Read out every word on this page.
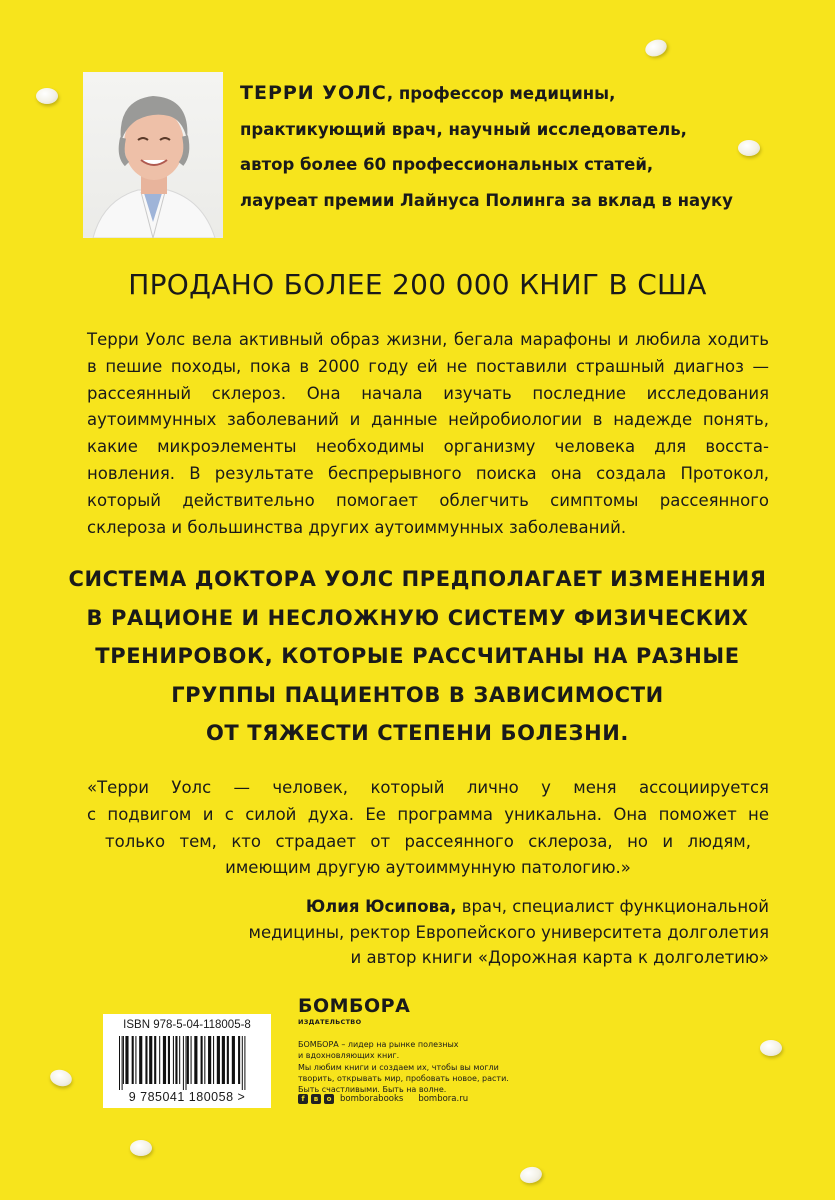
ТЕРРИ УОЛС, профессор медицины,
практикующий врач, научный исследователь,
автор более 60 профессиональных статей,
лауреат премии Лайнуса Полинга за вклад в науку
ПРОДАНО БОЛЕЕ 200 000 КНИГ В США
Терри Уолс вела активный образ жизни, бегала марафоны и любила ходить
в пешие походы, пока в 2000 году ей не поставили страшный диагноз —
рассеянный склероз. Она начала изучать последние исследования
аутоиммунных заболеваний и данные нейробиологии в надежде понять,
какие микроэлементы необходимы организму человека для восста-
новления. В результате беспрерывного поиска она создала Протокол,
который действительно помогает облегчить симптомы рассеянного
склероза и большинства других аутоиммунных заболеваний.
СИСТЕМА ДОКТОРА УОЛС ПРЕДПОЛАГАЕТ ИЗМЕНЕНИЯ
В РАЦИОНЕ И НЕСЛОЖНУЮ СИСТЕМУ ФИЗИЧЕСКИХ
ТРЕНИРОВОК, КОТОРЫЕ РАССЧИТАНЫ НА РАЗНЫЕ
ГРУППЫ ПАЦИЕНТОВ В ЗАВИСИМОСТИ
ОТ ТЯЖЕСТИ СТЕПЕНИ БОЛЕЗНИ.
«Терри Уолс — человек, который лично у меня ассоциируется
с подвигом и с силой духа. Ее программа уникальна. Она поможет не
только тем, кто страдает от рассеянного склероза, но и людям,
имеющим другую аутоиммунную патологию.»
Юлия Юсипова, врач, специалист функциональной
медицины, ректор Европейского университета долголетия
и автор книги «Дорожная карта к долголетию»
ISBN 978-5-04-118005-8
9 785041 180058 >
БОМБОРА
ИЗДАТЕЛЬСТВО
БОМБОРА – лидер на рынке полезных
и вдохновляющих книг.
Мы любим книги и создаем их, чтобы вы могли
творить, открывать мир, пробовать новое, расти.
Быть счастливыми. Быть на волне.
f	в	o	bomborabooks bombora.ru
